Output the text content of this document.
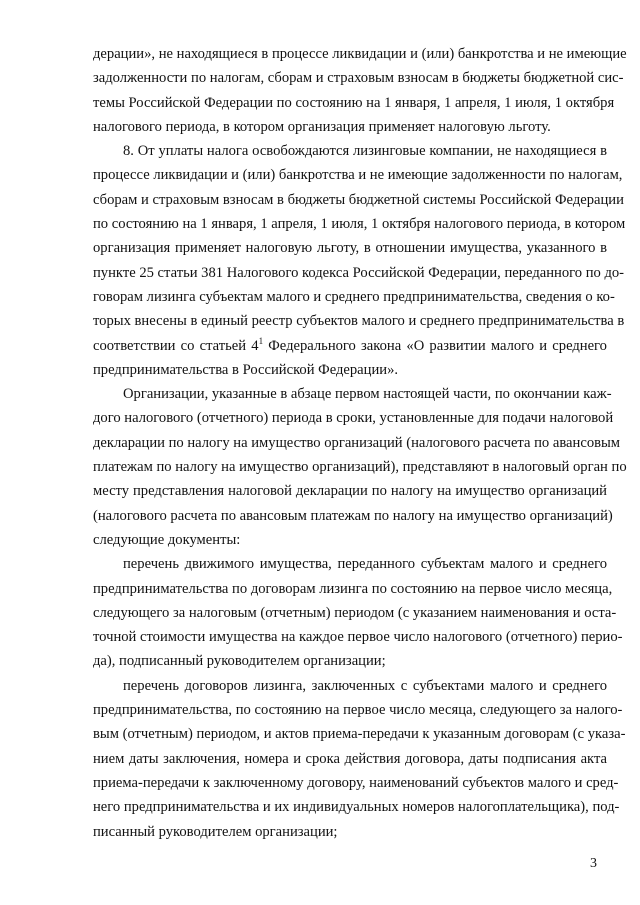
дерации», не находящиеся в процессе ликвидации и (или) банкротства и не имеющие
задолженности по налогам, сборам и страховым взносам в бюджеты бюджетной сис-
темы Российской Федерации по состоянию на 1 января, 1 апреля, 1 июля, 1 октября
налогового периода, в котором организация применяет налоговую льготу.
8. От уплаты налога освобождаются лизинговые компании, не находящиеся в
процессе ликвидации и (или) банкротства и не имеющие задолженности по налогам,
сборам и страховым взносам в бюджеты бюджетной системы Российской Федерации
по состоянию на 1 января, 1 апреля, 1 июля, 1 октября налогового периода, в котором
организация применяет налоговую льготу, в отношении имущества, указанного в
пункте 25 статьи 381 Налогового кодекса Российской Федерации, переданного по до-
говорам лизинга субъектам малого и среднего предпринимательства, сведения о ко-
торых внесены в единый реестр субъектов малого и среднего предпринимательства в
соответствии со статьей $4^1$ Федерального закона «О развитии малого и среднего
предпринимательства в Российской Федерации».
Организации, указанные в абзаце первом настоящей части, по окончании каж-
дого налогового (отчетного) периода в сроки, установленные для подачи налоговой
декларации по налогу на имущество организаций (налогового расчета по авансовым
платежам по налогу на имущество организаций), представляют в налоговый орган по
месту представления налоговой декларации по налогу на имущество организаций
(налогового расчета по авансовым платежам по налогу на имущество организаций)
следующие документы:
перечень движимого имущества, переданного субъектам малого и среднего
предпринимательства по договорам лизинга по состоянию на первое число месяца,
следующего за налоговым (отчетным) периодом (с указанием наименования и оста-
точной стоимости имущества на каждое первое число налогового (отчетного) перио-
да), подписанный руководителем организации;
перечень договоров лизинга, заключенных с субъектами малого и среднего
предпринимательства, по состоянию на первое число месяца, следующего за налого-
вым (отчетным) периодом, и актов приема-передачи к указанным договорам (с указа-
нием даты заключения, номера и срока действия договора, даты подписания акта
приема-передачи к заключенному договору, наименований субъектов малого и сред-
него предпринимательства и их индивидуальных номеров налогоплательщика), под-
писанный руководителем организации;
3
